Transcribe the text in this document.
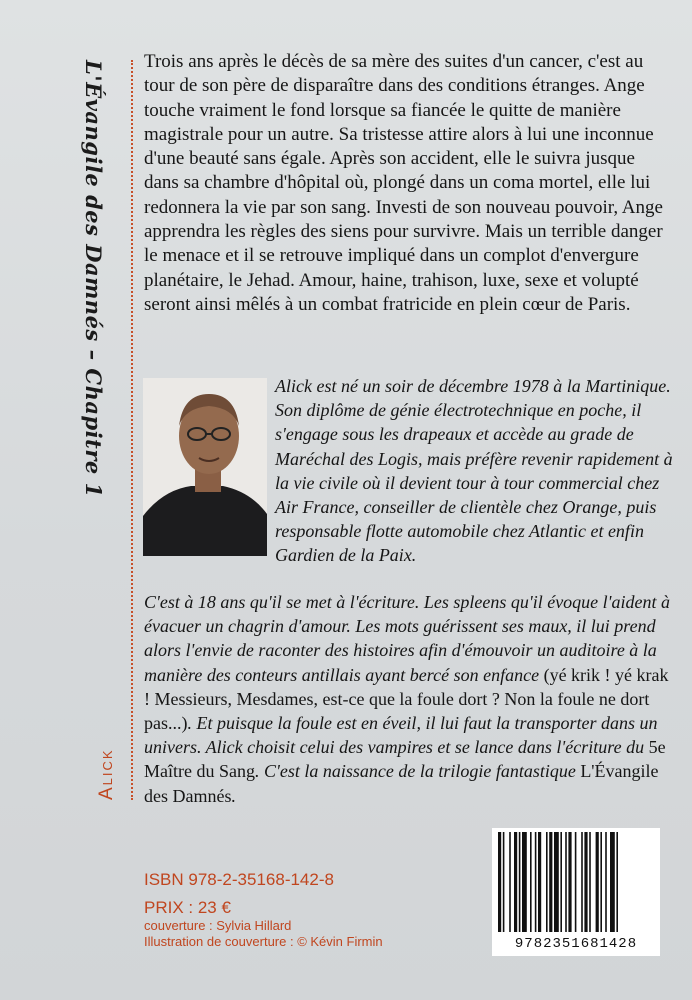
L'Évangile des Damnés – Chapitre 1
Alick

Trois ans après le décès de sa mère des suites d'un cancer, c'est au tour de son père de disparaître dans des conditions étranges. Ange touche vraiment le fond lorsque sa fiancée le quitte de manière magistrale pour un autre. Sa tristesse attire alors à lui une inconnue d'une beauté sans égale. Après son accident, elle le suivra jusque dans sa chambre d'hôpital où, plongé dans un coma mortel, elle lui redonnera la vie par son sang. Investi de son nouveau pouvoir, Ange apprendra les règles des siens pour survivre. Mais un terrible danger le menace et il se retrouve impliqué dans un complot d'envergure planétaire, le Jehad. Amour, haine, trahison, luxe, sexe et volupté seront ainsi mêlés à un combat fratricide en plein cœur de Paris.

Alick est né un soir de décembre 1978 à la Martinique. Son diplôme de génie électrotechnique en poche, il s'engage sous les drapeaux et accède au grade de Maréchal des Logis, mais préfère revenir rapidement à la vie civile où il devient tour à tour commercial chez Air France, conseiller de clientèle chez Orange, puis responsable flotte automobile chez Atlantic et enfin Gardien de la Paix.

C'est à 18 ans qu'il se met à l'écriture. Les spleens qu'il évoque l'aident à évacuer un chagrin d'amour. Les mots guérissent ses maux, il lui prend alors l'envie de raconter des histoires afin d'émouvoir un auditoire à la manière des conteurs antillais ayant bercé son enfance (yé krik ! yé krak ! Messieurs, Mesdames, est-ce que la foule dort ? Non la foule ne dort pas...). Et puisque la foule est en éveil, il lui faut la transporter dans un univers. Alick choisit celui des vampires et se lance dans l'écriture du 5e Maître du Sang. C'est la naissance de la trilogie fantastique L'Évangile des Damnés.

ISBN 978-2-35168-142-8
PRIX : 23 €
couverture : Sylvia Hillard
Illustration de couverture : © Kévin Firmin	9782351681428
